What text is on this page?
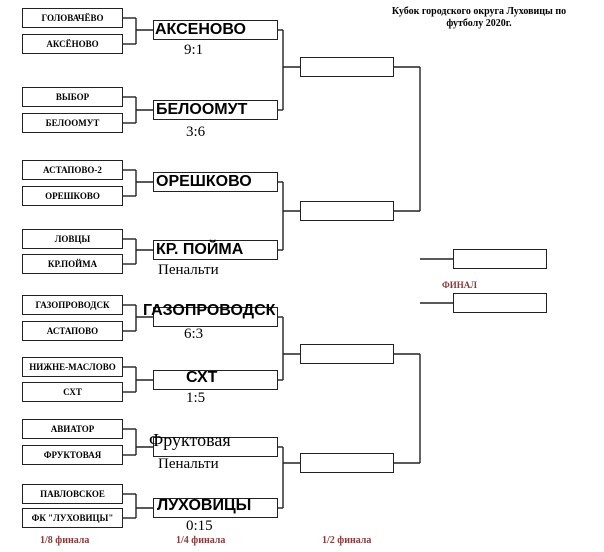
Кубок городского округа Луховицы по футболу 2020г.
ГОЛОВАЧЁВО
АКСЁНОВО
ВЫБОР
БЕЛООМУТ
АСТАПОВО-2
ОРЕШКОВО
ЛОВЦЫ
КР.ПОЙМА
ГАЗОПРОВОДСК
АСТАПОВО
НИЖНЕ-МАСЛОВО
СХТ
АВИАТОР
ФРУКТОВАЯ
ПАВЛОВСКОЕ
ФК "ЛУХОВИЦЫ"
АКСЕНОВО
9:1
БЕЛООМУТ
3:6
ОРЕШКОВО
КР. ПОЙМА
Пенальти
ГАЗОПРОВОДСК
6:3
СХТ
1:5
Фруктовая
Пенальти
ЛУХОВИЦЫ
0:15
ФИНАЛ
1/8 финала	1/4 финала	1/2 финала
